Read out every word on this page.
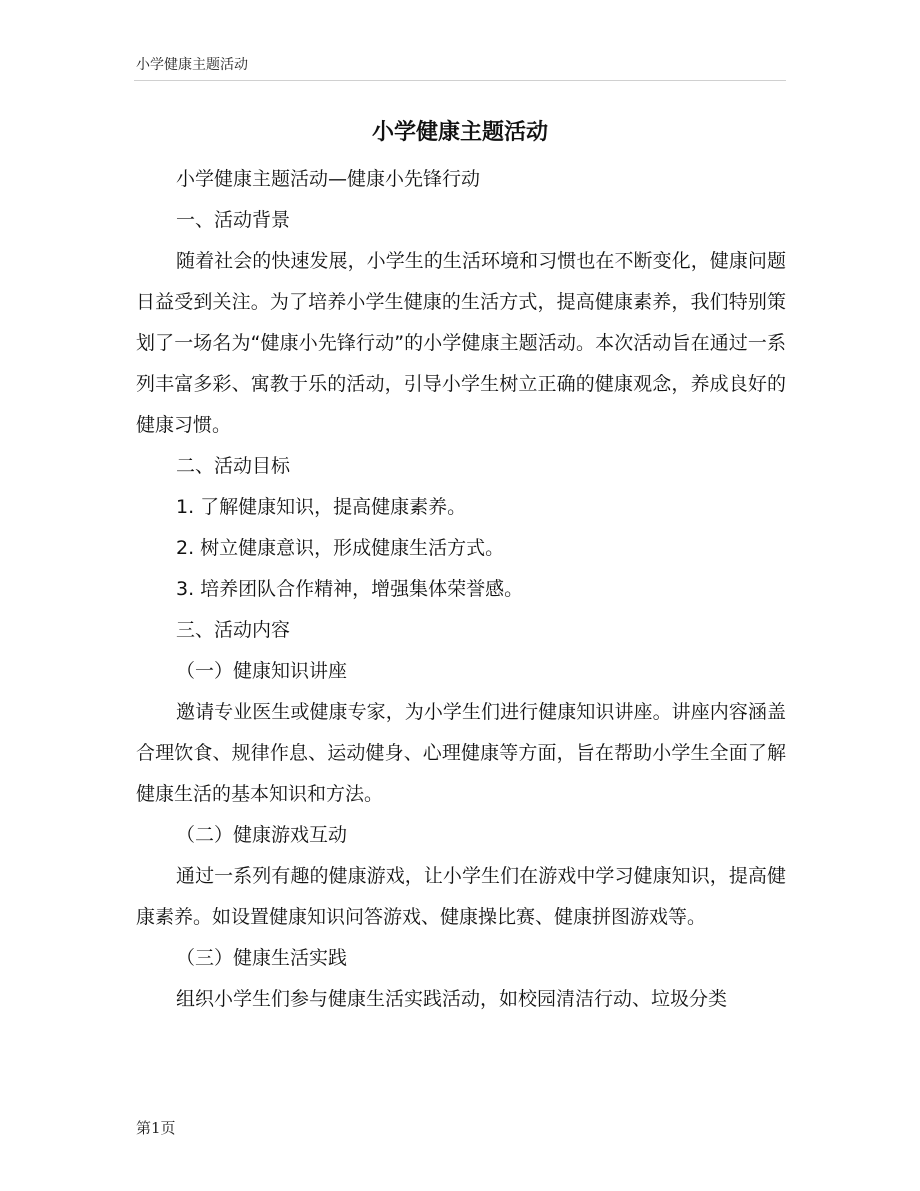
小学健康主题活动
小学健康主题活动

小学健康主题活动—健康小先锋行动

一、活动背景

随着社会的快速发展，小学生的生活环境和习惯也在不断变化，健康问题日益受到关注。为了培养小学生健康的生活方式，提高健康素养，我们特别策划了一场名为“健康小先锋行动”的小学健康主题活动。本次活动旨在通过一系列丰富多彩、寓教于乐的活动，引导小学生树立正确的健康观念，养成良好的健康习惯。

二、活动目标

1. 了解健康知识，提高健康素养。

2. 树立健康意识，形成健康生活方式。

3. 培养团队合作精神，增强集体荣誉感。

三、活动内容

（一）健康知识讲座

邀请专业医生或健康专家，为小学生们进行健康知识讲座。讲座内容涵盖合理饮食、规律作息、运动健身、心理健康等方面，旨在帮助小学生全面了解健康生活的基本知识和方法。

（二）健康游戏互动

通过一系列有趣的健康游戏，让小学生们在游戏中学习健康知识，提高健康素养。如设置健康知识问答游戏、健康操比赛、健康拼图游戏等。

（三）健康生活实践

组织小学生们参与健康生活实践活动，如校园清洁行动、垃圾分类

第1页
